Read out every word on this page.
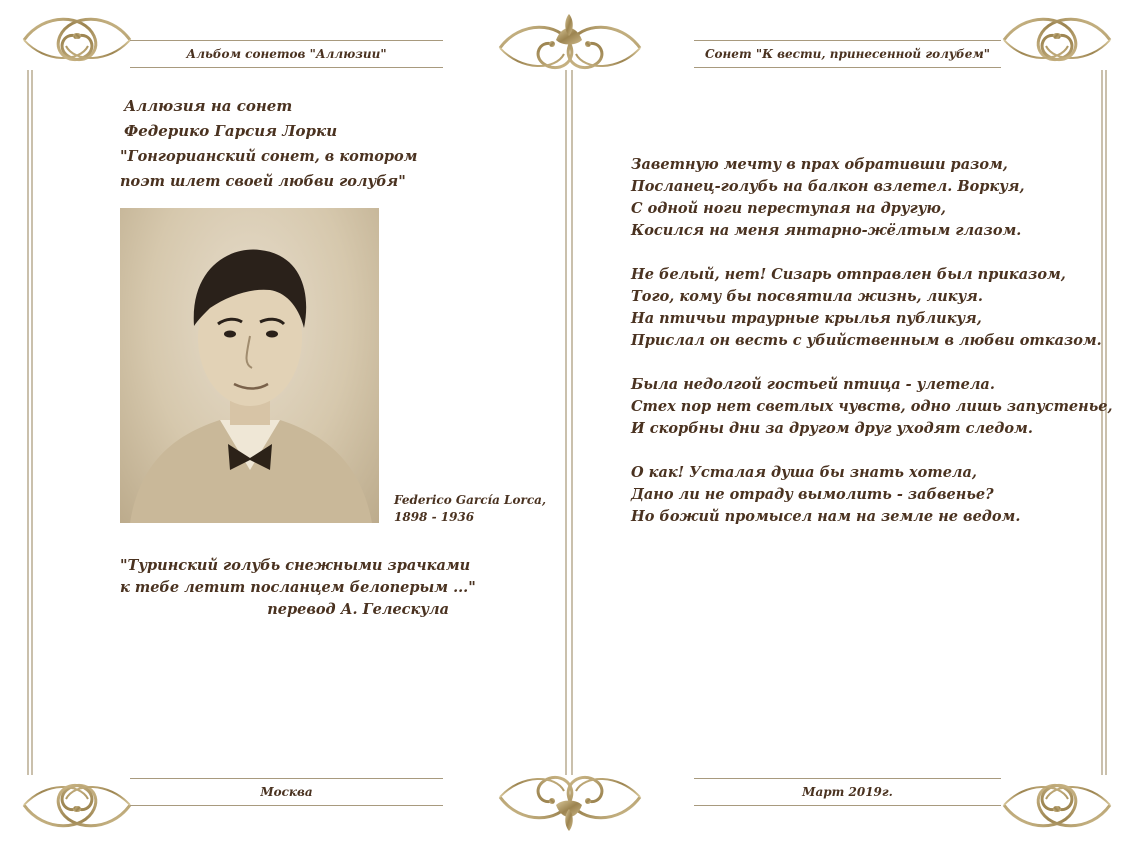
Альбом сонетов "Аллюзии"	Сонет "К вести, принесенной голубем"
Москва	Март 2019г.
Аллюзия на сонет
Федерико Гарсия Лорки
"Гонгорианский сонет, в котором
поэт шлет своей любви голубя"
Federico García Lorca,
1898 - 1936
"Туринский голубь снежными зрачками
к тебе летит посланцем белоперым ..."
перевод А. Гелескула
Заветную мечту в прах обративши разом,
Посланец-голубь на балкон взлетел. Воркуя,
С одной ноги переступая на другую,
Косился на меня янтарно-жёлтым глазом.
Не белый, нет! Сизарь отправлен был приказом,
Того, кому бы посвятила жизнь, ликуя.
На птичьи траурные крылья публикуя,
Прислал он весть с убийственным в любви отказом.
Была недолгой гостьей птица - улетела.
Стех пор нет светлых чувств, одно лишь запустенье,
И скорбны дни за другом друг уходят следом.
О как! Усталая душа бы знать хотела,
Дано ли не отраду вымолить - забвенье?
Но божий промысел нам на земле не ведом.
